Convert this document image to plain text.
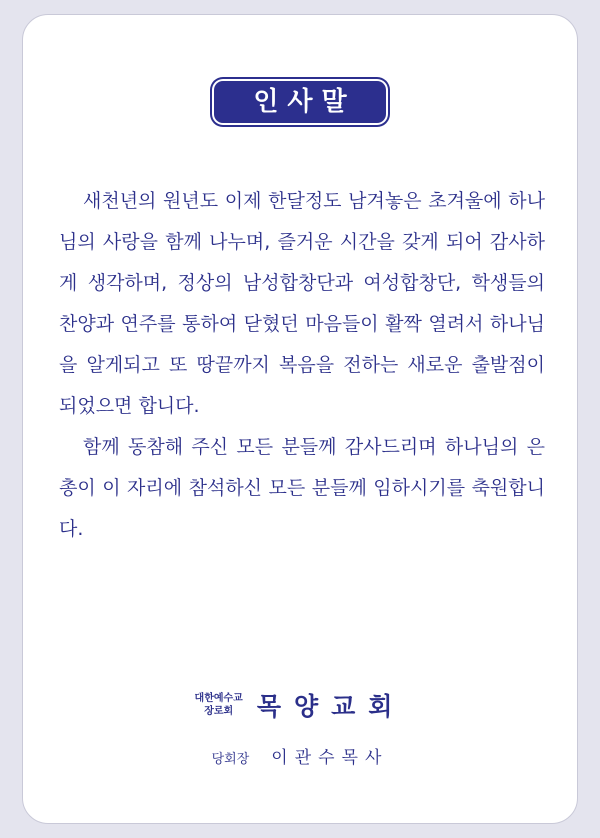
인사말

새천년의 원년도 이제 한달정도 남겨놓은 초겨울에 하나님의 사랑을 함께 나누며, 즐거운 시간을 갖게 되어 감사하게 생각하며, 정상의 남성합창단과 여성합창단, 학생들의 찬양과 연주를 통하여 닫혔던 마음들이 활짝 열려서 하나님을 알게되고 또 땅끝까지 복음을 전하는 새로운 출발점이 되었으면 합니다.

함께 동참해 주신 모든 분들께 감사드리며 하나님의 은총이 이 자리에 참석하신 모든 분들께 임하시기를 축원합니다.

대한예수교
장로회 목양교회
당회장 이관수목사
